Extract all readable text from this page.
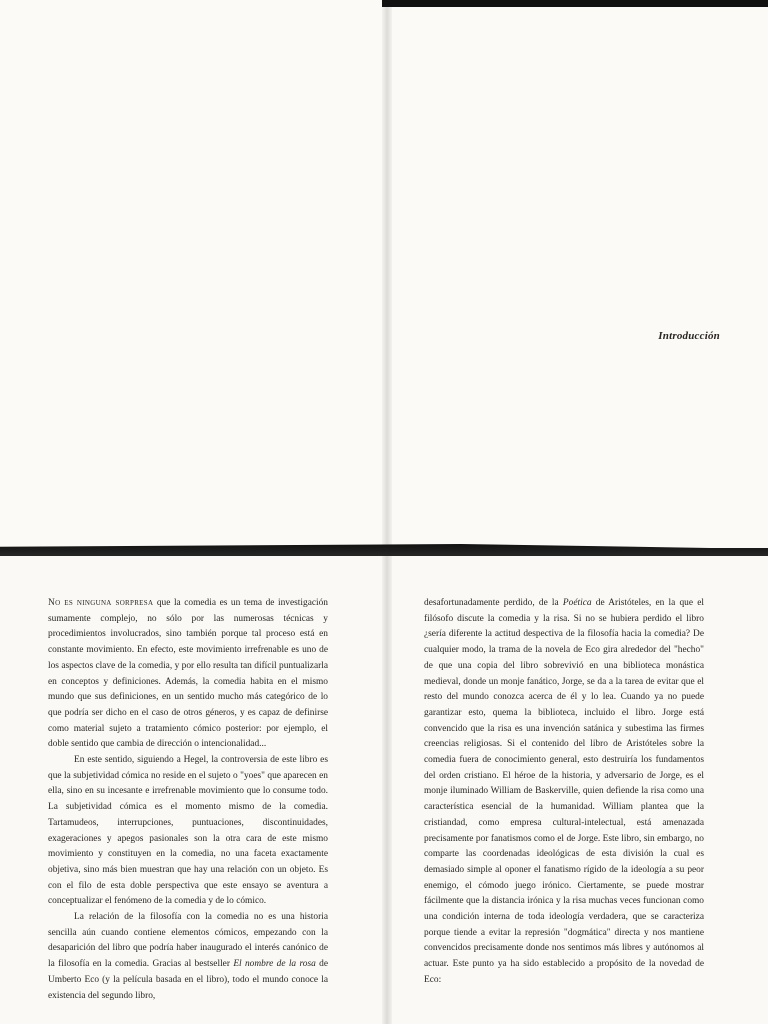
Introducción

No es ninguna sorpresa que la comedia es un tema de investigación sumamente complejo, no sólo por las numerosas técnicas y procedimientos involucrados, sino también porque tal proceso está en constante movimiento. En efecto, este movimiento irrefrenable es uno de los aspectos clave de la comedia, y por ello resulta tan difícil puntualizarla en conceptos y definiciones. Además, la comedia habita en el mismo mundo que sus definiciones, en un sentido mucho más categórico de lo que podría ser dicho en el caso de otros géneros, y es capaz de definirse como material sujeto a tratamiento cómico posterior: por ejemplo, el doble sentido que cambia de dirección o intencionalidad...

En este sentido, siguiendo a Hegel, la controversia de este libro es que la subjetividad cómica no reside en el sujeto o "yoes" que aparecen en ella, sino en su incesante e irrefrenable movimiento que lo consume todo. La subjetividad cómica es el momento mismo de la comedia. Tartamudeos, interrupciones, puntuaciones, discontinuidades, exageraciones y apegos pasionales son la otra cara de este mismo movimiento y constituyen en la comedia, no una faceta exactamente objetiva, sino más bien muestran que hay una relación con un objeto. Es con el filo de esta doble perspectiva que este ensayo se aventura a conceptualizar el fenómeno de la comedia y de lo cómico.

La relación de la filosofía con la comedia no es una historia sencilla aún cuando contiene elementos cómicos, empezando con la desaparición del libro que podría haber inaugurado el interés canónico de la filosofía en la comedia. Gracias al bestseller El nombre de la rosa de Umberto Eco (y la película basada en el libro), todo el mundo conoce la existencia del segundo libro,

desafortunadamente perdido, de la Poética de Aristóteles, en la que el filósofo discute la comedia y la risa. Si no se hubiera perdido el libro ¿sería diferente la actitud despectiva de la filosofía hacia la comedia? De cualquier modo, la trama de la novela de Eco gira alrededor del "hecho" de que una copia del libro sobrevivió en una biblioteca monástica medieval, donde un monje fanático, Jorge, se da a la tarea de evitar que el resto del mundo conozca acerca de él y lo lea. Cuando ya no puede garantizar esto, quema la biblioteca, incluido el libro. Jorge está convencido que la risa es una invención satánica y subestima las firmes creencias religiosas. Si el contenido del libro de Aristóteles sobre la comedia fuera de conocimiento general, esto destruiría los fundamentos del orden cristiano. El héroe de la historia, y adversario de Jorge, es el monje iluminado William de Baskerville, quien defiende la risa como una característica esencial de la humanidad. William plantea que la cristiandad, como empresa cultural-intelectual, está amenazada precisamente por fanatismos como el de Jorge. Este libro, sin embargo, no comparte las coordenadas ideológicas de esta división la cual es demasiado simple al oponer el fanatismo rígido de la ideología a su peor enemigo, el cómodo juego irónico. Ciertamente, se puede mostrar fácilmente que la distancia irónica y la risa muchas veces funcionan como una condición interna de toda ideología verdadera, que se caracteriza porque tiende a evitar la represión "dogmática" directa y nos mantiene convencidos precisamente donde nos sentimos más libres y autónomos al actuar. Este punto ya ha sido establecido a propósito de la novedad de Eco:
